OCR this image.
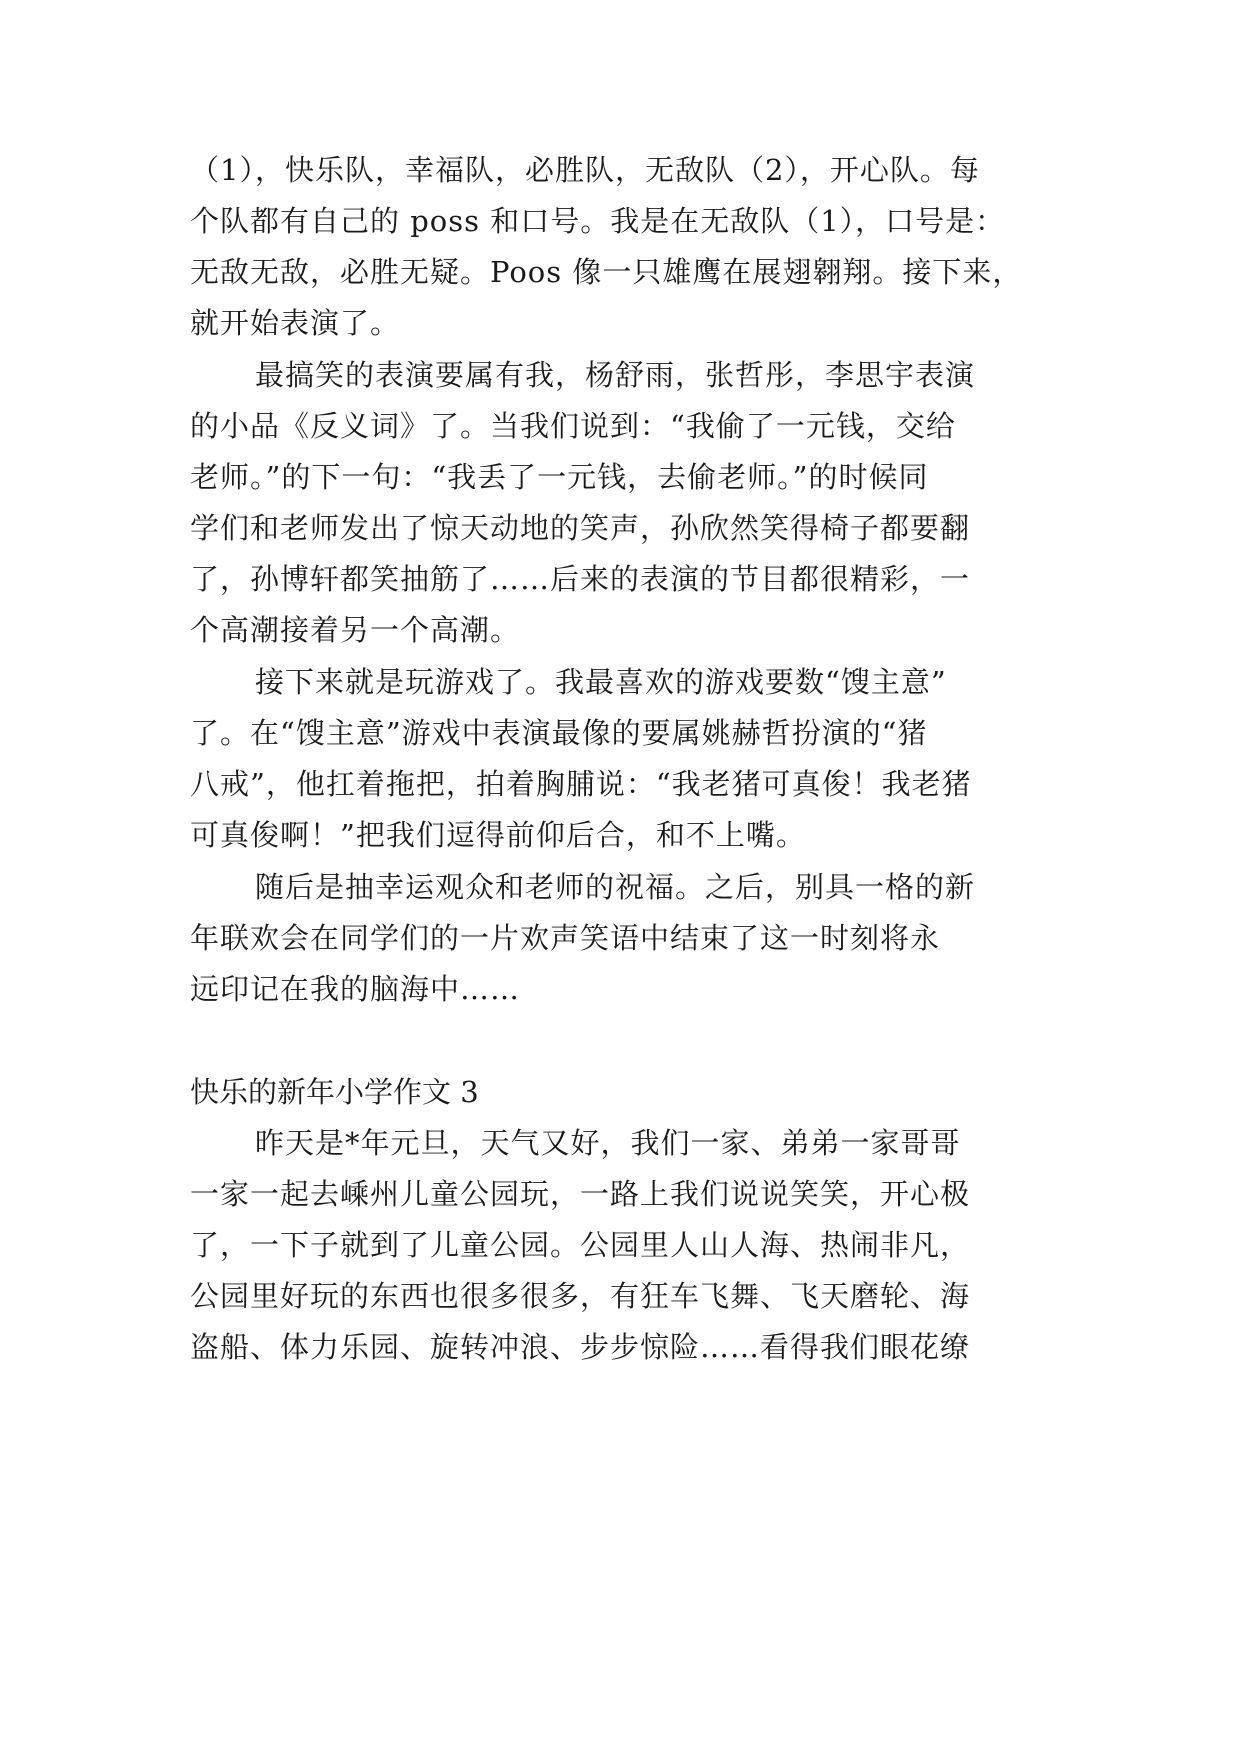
（1），快乐队，幸福队，必胜队，无敌队（2），开心队。每
个队都有自己的 poss 和口号。我是在无敌队（1），口号是：
无敌无敌，必胜无疑。Poos 像一只雄鹰在展翅翱翔。接下来，
就开始表演了。
最搞笑的表演要属有我，杨舒雨，张哲彤，李思宇表演
的小品《反义词》了。当我们说到：“我偷了一元钱，交给
老师。”的下一句：“我丢了一元钱，去偷老师。”的时候同
学们和老师发出了惊天动地的笑声，孙欣然笑得椅子都要翻
了，孙博轩都笑抽筋了……后来的表演的节目都很精彩，一
个高潮接着另一个高潮。
接下来就是玩游戏了。我最喜欢的游戏要数“馊主意”
了。在“馊主意”游戏中表演最像的要属姚赫哲扮演的“猪
八戒”，他扛着拖把，拍着胸脯说：“我老猪可真俊！我老猪
可真俊啊！”把我们逗得前仰后合，和不上嘴。
随后是抽幸运观众和老师的祝福。之后，别具一格的新
年联欢会在同学们的一片欢声笑语中结束了这一时刻将永
远印记在我的脑海中……
快乐的新年小学作文 3
昨天是*年元旦，天气又好，我们一家、弟弟一家哥哥
一家一起去嵊州儿童公园玩，一路上我们说说笑笑，开心极
了，一下子就到了儿童公园。公园里人山人海、热闹非凡，
公园里好玩的东西也很多很多，有狂车飞舞、飞天磨轮、海
盗船、体力乐园、旋转冲浪、步步惊险……看得我们眼花缭
